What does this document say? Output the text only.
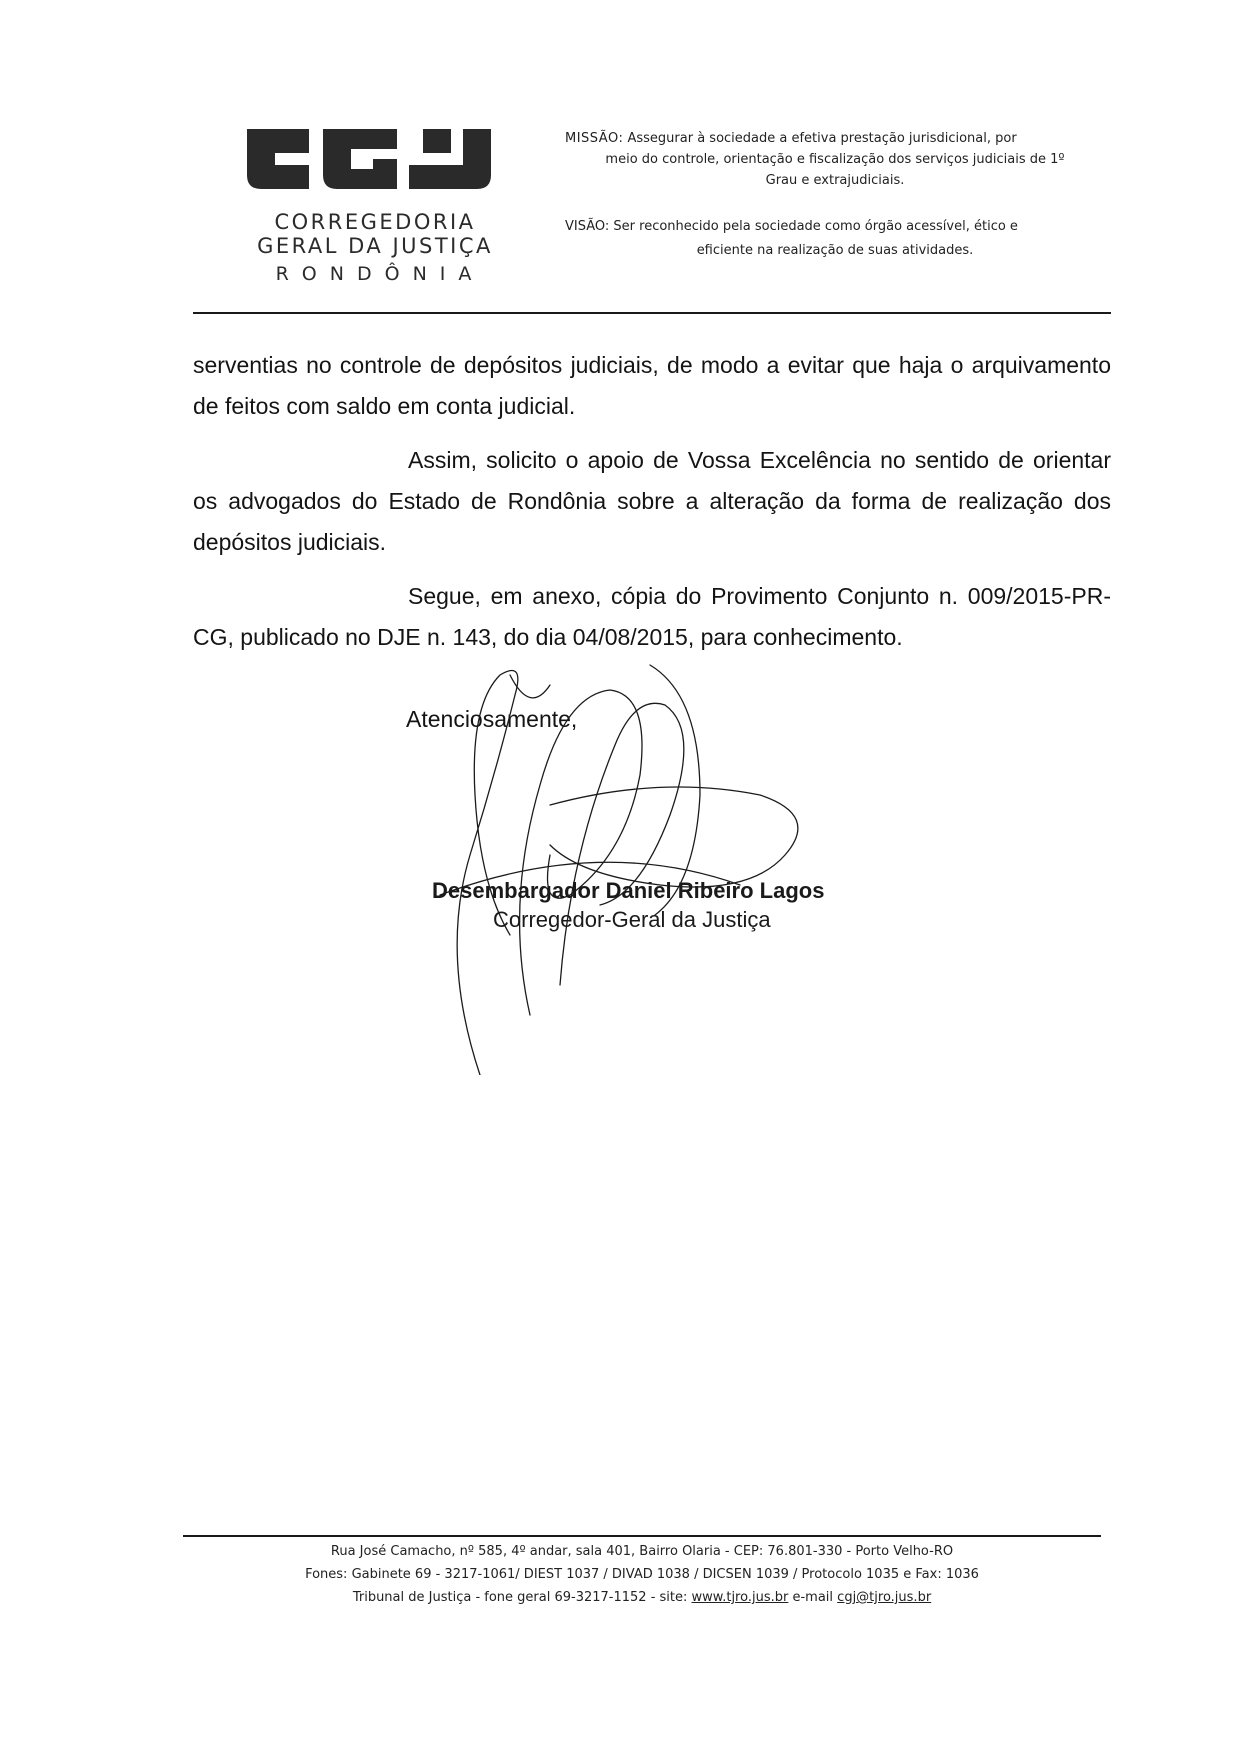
CORREGEDORIA
GERAL DA JUSTIÇA
RONDÔNIA
MISSÃO: Assegurar à sociedade a efetiva prestação jurisdicional, por
meio do controle, orientação e fiscalização dos serviços judiciais de 1º
Grau e extrajudiciais.
VISÃO: Ser reconhecido pela sociedade como órgão acessível, ético e
eficiente na realização de suas atividades.

serventias no controle de depósitos judiciais, de modo a evitar que haja o arquivamento de feitos com saldo em conta judicial.

Assim, solicito o apoio de Vossa Excelência no sentido de orientar os advogados do Estado de Rondônia sobre a alteração da forma de realização dos depósitos judiciais.

Segue, em anexo, cópia do Provimento Conjunto n. 009/2015-PR-CG, publicado no DJE n. 143, do dia 04/08/2015, para conhecimento.

Atenciosamente,
Desembargador Daniel Ribeiro Lagos
Corregedor-Geral da Justiça
Rua José Camacho, nº 585, 4º andar, sala 401, Bairro Olaria - CEP: 76.801-330 - Porto Velho-RO
Fones: Gabinete 69 - 3217-1061/ DIEST 1037 / DIVAD 1038 / DICSEN 1039 / Protocolo 1035 e Fax: 1036
Tribunal de Justiça - fone geral 69-3217-1152 - site: www.tjro.jus.br e-mail cgj@tjro.jus.br
